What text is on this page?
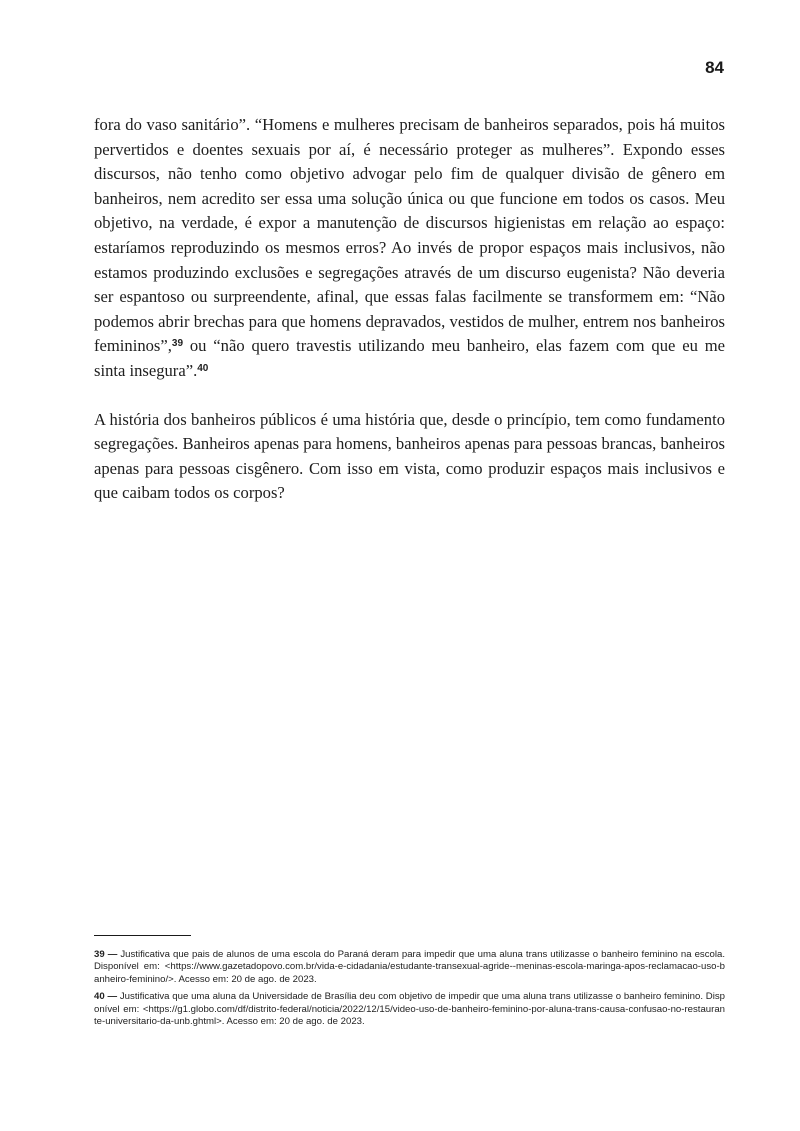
84

fora do vaso sanitário”. “Homens e mulheres precisam de banheiros separados, pois há muitos pervertidos e doentes sexuais por aí, é necessário proteger as mulheres”. Expondo esses discursos, não tenho como objetivo advogar pelo fim de qualquer divisão de gênero em banheiros, nem acredito ser essa uma solução única ou que funcione em todos os casos. Meu objetivo, na verdade, é expor a manutenção de discursos higienistas em relação ao espaço: estaríamos reproduzindo os mesmos erros? Ao invés de propor espaços mais inclusivos, não estamos produzindo exclusões e segregações através de um discurso eugenista? Não deveria ser espantoso ou surpreendente, afinal, que essas falas facilmente se transformem em: “Não podemos abrir brechas para que homens depravados, vestidos de mulher, entrem nos banheiros femininos”,$^{39}$ ou “não quero travestis utilizando meu banheiro, elas fazem com que eu me sinta insegura”.$^{40}$

A história dos banheiros públicos é uma história que, desde o princípio, tem como fundamento segregações. Banheiros apenas para homens, banheiros apenas para pessoas brancas, banheiros apenas para pessoas cisgênero. Com isso em vista, como produzir espaços mais inclusivos e que caibam todos os corpos?

39 — Justificativa que pais de alunos de uma escola do Paraná deram para impedir que uma aluna trans utilizasse o banheiro feminino na escola. Disponível em: <https://www.gazetadopovo.com.br/vida-e-cidadania/estudante-transexual-agride--meninas-escola-maringa-apos-reclamacao-uso-banheiro-feminino/>. Acesso em: 20 de ago. de 2023.

40 — Justificativa que uma aluna da Universidade de Brasília deu com objetivo de impedir que uma aluna trans utilizasse o banheiro feminino. Disponível em: <https://g1.globo.com/df/distrito-federal/noticia/2022/12/15/video-uso-de-banheiro-feminino-por-aluna-trans-causa-confusao-no-restaurante-universitario-da-unb.ghtml>. Acesso em: 20 de ago. de 2023.
